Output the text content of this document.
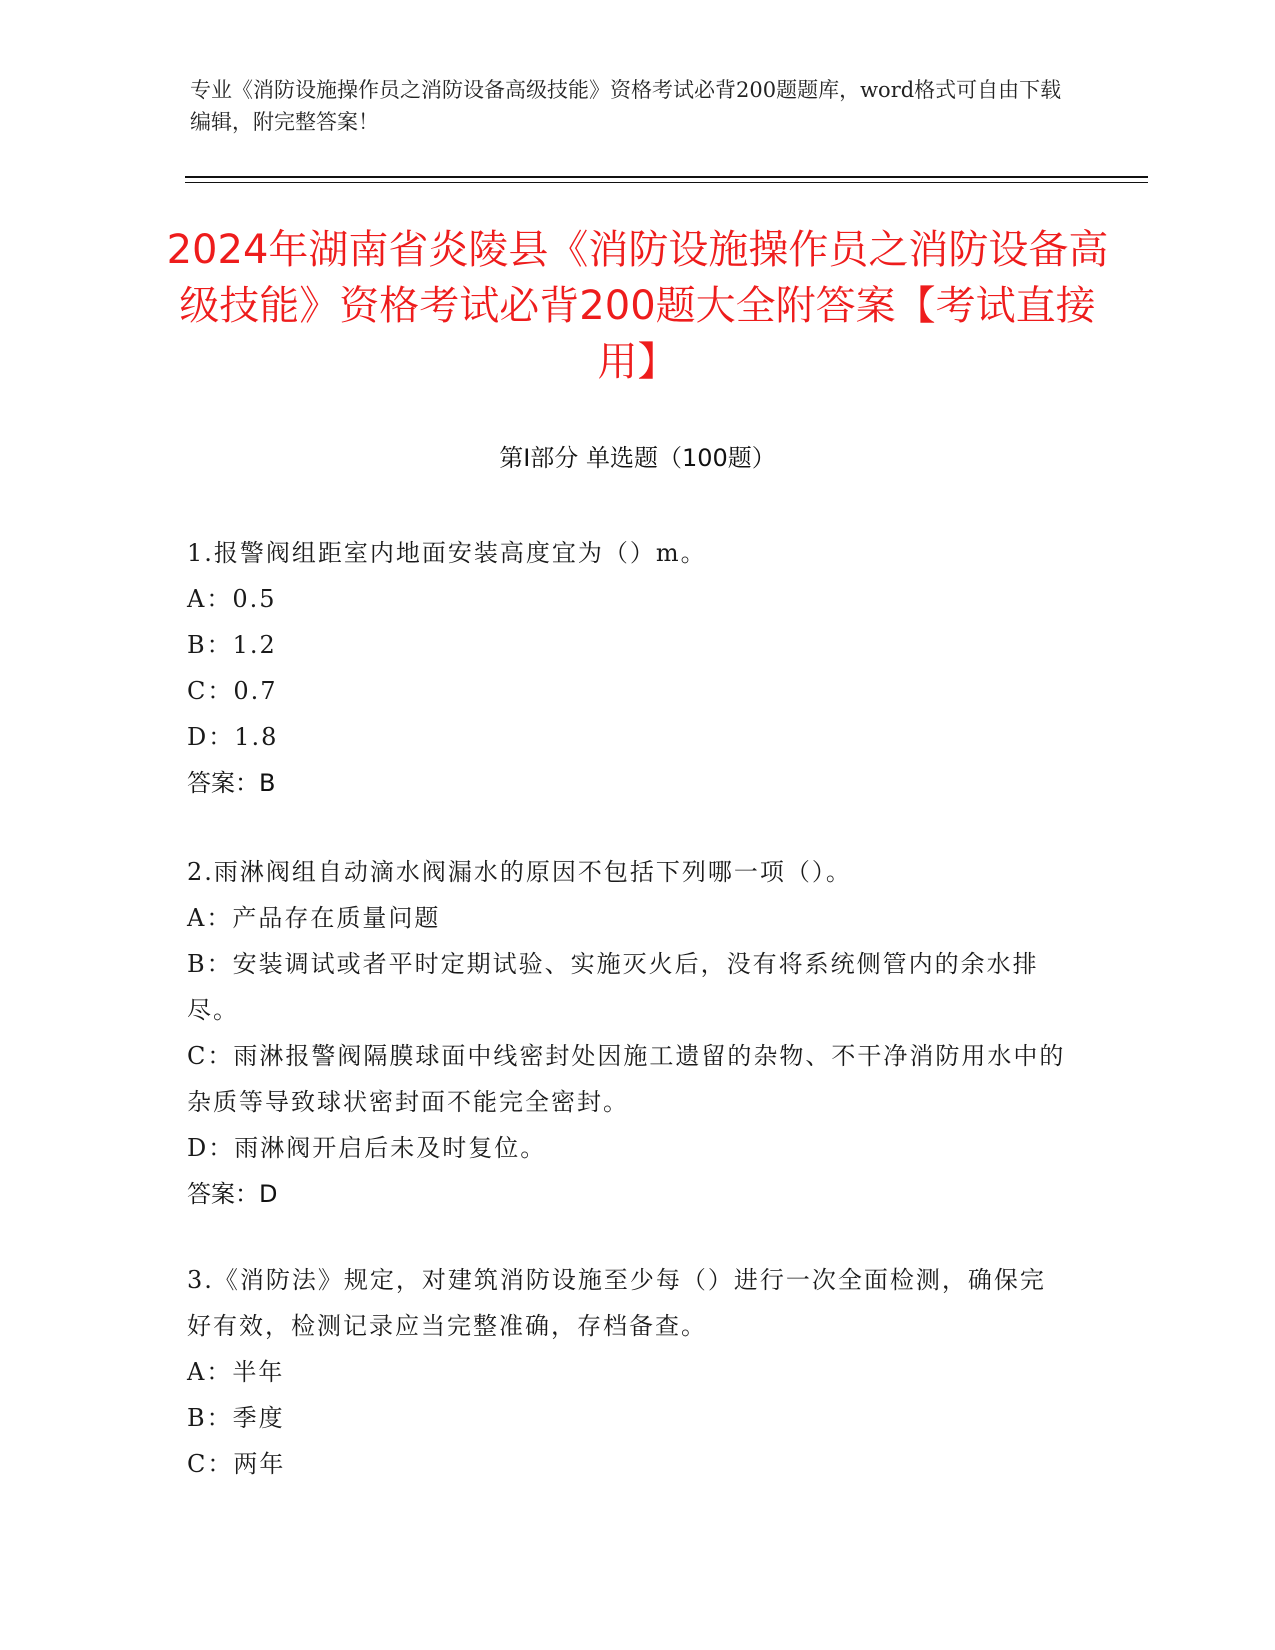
专业《消防设施操作员之消防设备高级技能》资格考试必背200题题库，word格式可自由下载编辑，附完整答案！
2024年湖南省炎陵县《消防设施操作员之消防设备高级技能》资格考试必背200题大全附答案【考试直接用】
第I部分 单选题（100题）
1.报警阀组距室内地面安装高度宜为（）m。
A：0.5
B：1.2
C：0.7
D：1.8
答案：B
2.雨淋阀组自动滴水阀漏水的原因不包括下列哪一项（）。
A：产品存在质量问题
B：安装调试或者平时定期试验、实施灭火后，没有将系统侧管内的余水排尽。
C：雨淋报警阀隔膜球面中线密封处因施工遗留的杂物、不干净消防用水中的杂质等导致球状密封面不能完全密封。
D：雨淋阀开启后未及时复位。
答案：D
3.《消防法》规定，对建筑消防设施至少每（）进行一次全面检测，确保完好有效，检测记录应当完整准确，存档备查。
A：半年
B：季度
C：两年
